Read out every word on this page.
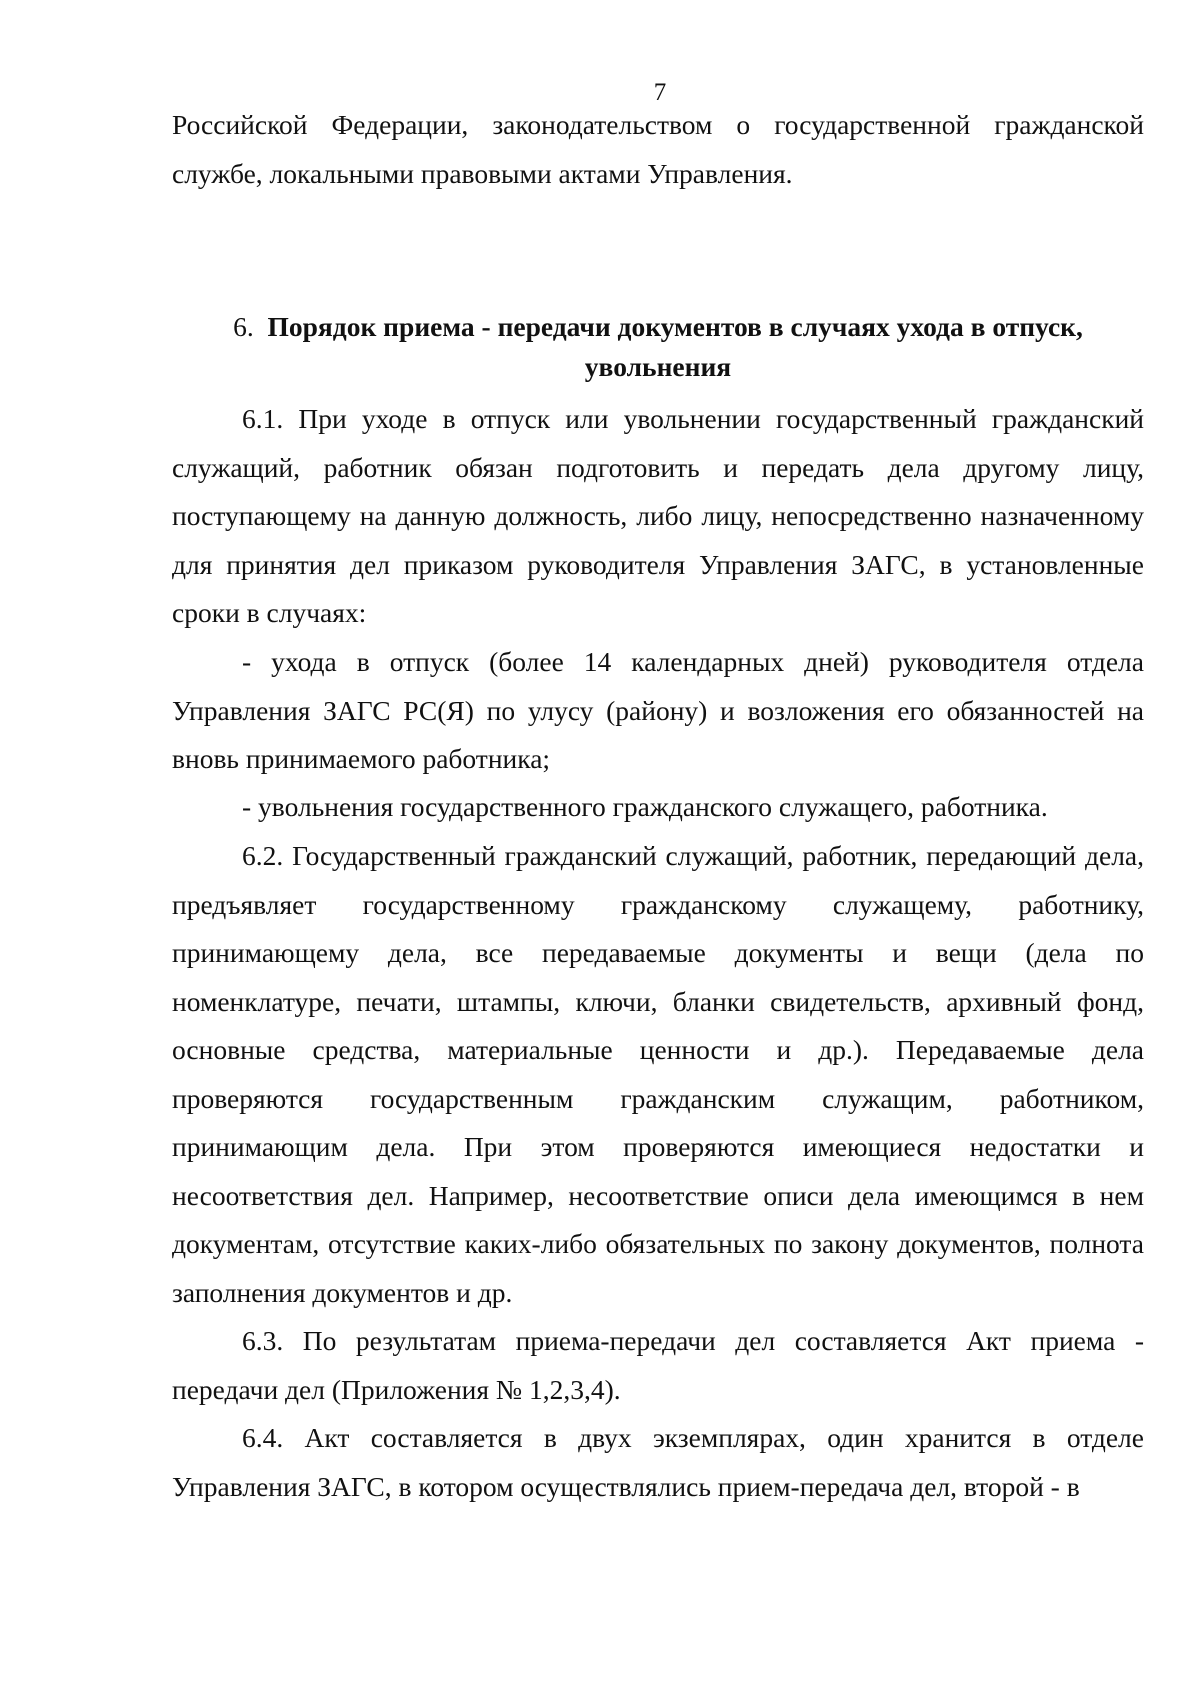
7

Российской Федерации, законодательством о государственной гражданской службе, локальными правовыми актами Управления.

6. Порядок приема - передачи документов в случаях ухода в отпуск, увольнения

6.1. При уходе в отпуск или увольнении государственный гражданский служащий, работник обязан подготовить и передать дела другому лицу, поступающему на данную должность, либо лицу, непосредственно назначенному для принятия дел приказом руководителя Управления ЗАГС, в установленные сроки в случаях:

- ухода в отпуск (более 14 календарных дней) руководителя отдела Управления ЗАГС РС(Я) по улусу (району) и возложения его обязанностей на вновь принимаемого работника;

- увольнения государственного гражданского служащего, работника.

6.2. Государственный гражданский служащий, работник, передающий дела, предъявляет государственному гражданскому служащему, работнику, принимающему дела, все передаваемые документы и вещи (дела по номенклатуре, печати, штампы, ключи, бланки свидетельств, архивный фонд, основные средства, материальные ценности и др.). Передаваемые дела проверяются государственным гражданским служащим, работником, принимающим дела. При этом проверяются имеющиеся недостатки и несоответствия дел. Например, несоответствие описи дела имеющимся в нем документам, отсутствие каких-либо обязательных по закону документов, полнота заполнения документов и др.

6.3. По результатам приема-передачи дел составляется Акт приема - передачи дел (Приложения № 1,2,3,4).

6.4. Акт составляется в двух экземплярах, один хранится в отделе Управления ЗАГС, в котором осуществлялись прием-передача дел, второй - в
